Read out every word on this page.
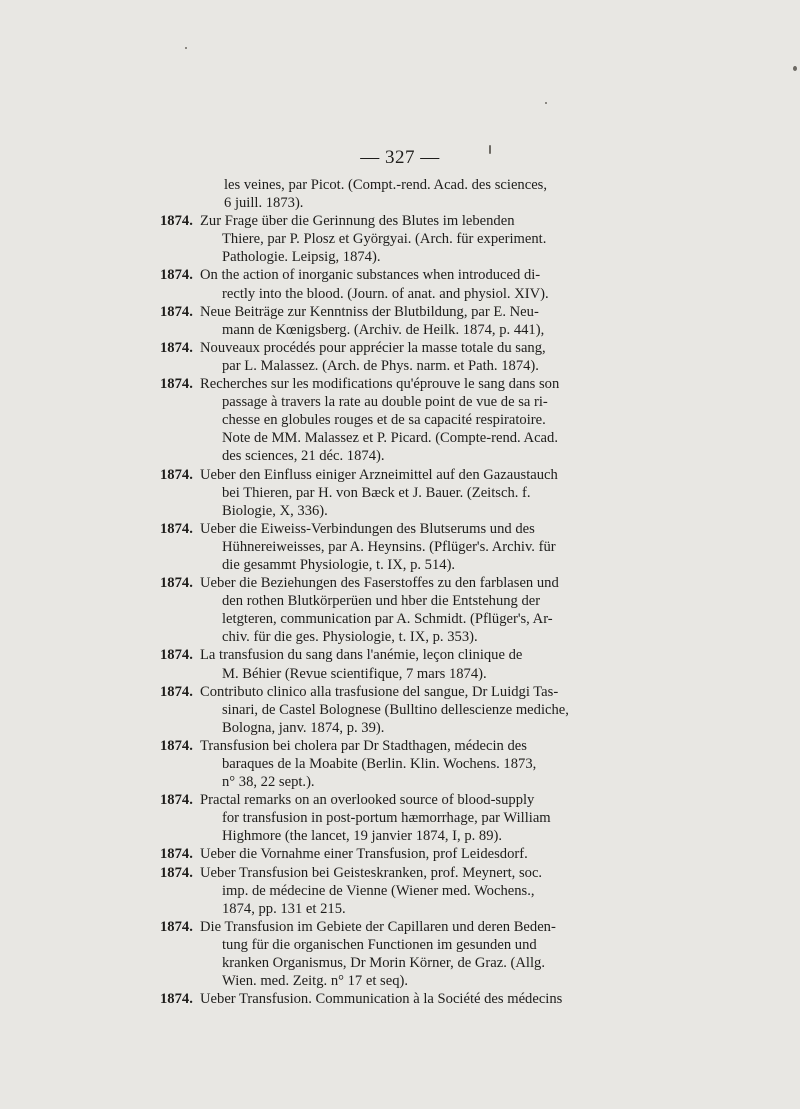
— 327 —
les veines, par Picot. (Compt.-rend. Acad. des sciences,
6 juill. 1873).
1874. Zur Frage über die Gerinnung des Blutes im lebenden
Thiere, par P. Plosz et Györgyai. (Arch. für experiment.
Pathologie. Leipsig, 1874).
1874. On the action of inorganic substances when introduced di-
rectly into the blood. (Journ. of anat. and physiol. XIV).
1874. Neue Beiträge zur Kenntniss der Blutbildung, par E. Neu-
mann de Kœnigsberg. (Archiv. de Heilk. 1874, p. 441),
1874. Nouveaux procédés pour apprécier la masse totale du sang,
par L. Malassez. (Arch. de Phys. narm. et Path. 1874).
1874. Recherches sur les modifications qu'éprouve le sang dans son
passage à travers la rate au double point de vue de sa ri-
chesse en globules rouges et de sa capacité respiratoire.
Note de MM. Malassez et P. Picard. (Compte-rend. Acad.
des sciences, 21 déc. 1874).
1874. Ueber den Einfluss einiger Arzneimittel auf den Gazaustauch
bei Thieren, par H. von Bæck et J. Bauer. (Zeitsch. f.
Biologie, X, 336).
1874. Ueber die Eiweiss-Verbindungen des Blutserums und des
Hühnereiweisses, par A. Heynsins. (Pflüger's. Archiv. für
die gesammt Physiologie, t. IX, p. 514).
1874. Ueber die Beziehungen des Faserstoffes zu den farblasen und
den rothen Blutkörperüen und hber die Entstehung der
letgteren, communication par A. Schmidt. (Pflüger's, Ar-
chiv. für die ges. Physiologie, t. IX, p. 353).
1874. La transfusion du sang dans l'anémie, leçon clinique de
M. Béhier (Revue scientifique, 7 mars 1874).
1874. Contributo clinico alla trasfusione del sangue, Dr Luidgi Tas-
sinari, de Castel Bolognese (Bulltino dellescienze mediche,
Bologna, janv. 1874, p. 39).
1874. Transfusion bei cholera par Dr Stadthagen, médecin des
baraques de la Moabite (Berlin. Klin. Wochens. 1873,
n° 38, 22 sept.).
1874. Practal remarks on an overlooked source of blood-supply
for transfusion in post-portum hæmorrhage, par William
Highmore (the lancet, 19 janvier 1874, I, p. 89).
1874. Ueber die Vornahme einer Transfusion, prof Leidesdorf.
1874. Ueber Transfusion bei Geisteskranken, prof. Meynert, soc.
imp. de médecine de Vienne (Wiener med. Wochens.,
1874, pp. 131 et 215.
1874. Die Transfusion im Gebiete der Capillaren und deren Beden-
tung für die organischen Functionen im gesunden und
kranken Organismus, Dr Morin Körner, de Graz. (Allg.
Wien. med. Zeitg. n° 17 et seq).
1874. Ueber Transfusion. Communication à la Société des médecins
